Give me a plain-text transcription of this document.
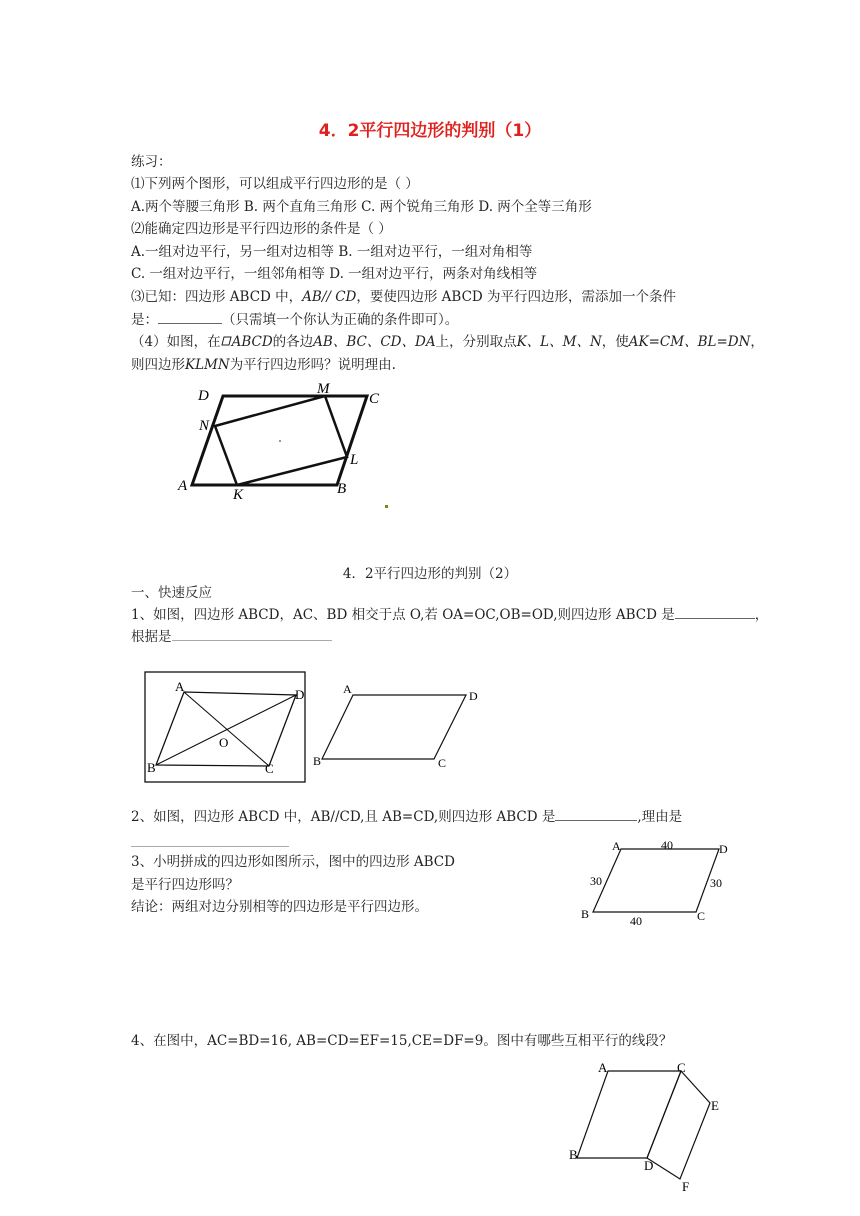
4．2平行四边形的判别（1）
练习：
⑴下列两个图形，可以组成平行四边形的是（ ）
A.两个等腰三角形 B. 两个直角三角形 C. 两个锐角三角形 D. 两个全等三角形
⑵能确定四边形是平行四边形的条件是（ ）
A.一组对边平行，另一组对边相等 B. 一组对边平行，一组对角相等
C. 一组对边平行，一组邻角相等 D. 一组对边平行，两条对角线相等
⑶已知：四边形 ABCD 中，AB// CD，要使四边形 ABCD 为平行四边形，需添加一个条件
是：	（只需填一个你认为正确的条件即可）。
（4）如图，在 ABCD的各边AB、BC、CD、DA上，分别取点K、L、M、N，使AK=CM、BL=DN，
则四边形KLMN为平行四边形吗？说明理由.
D	M
C
N
L
A
K	B
4．2平行四边形的判别（2）
一、快速反应
1、如图，四边形 ABCD，AC、BD 相交于点 O,若 OA=OC,OB=OD,则四边形 ABCD 是	，
根据是
A
D
O
B	C
A	D
B	C
2、如图，四边形 ABCD 中，AB//CD,且 AB=CD,则四边形 ABCD 是	,理由是
3、小明拼成的四边形如图所示，图中的四边形 ABCD
是平行四边形吗？
结论：两组对边分别相等的四边形是平行四边形。
A	40	D
30	30
B	C
40
4、在图中，AC=BD=16, AB=CD=EF=15,CE=DF=9。图中有哪些互相平行的线段？
A	C
E
B
D
F
